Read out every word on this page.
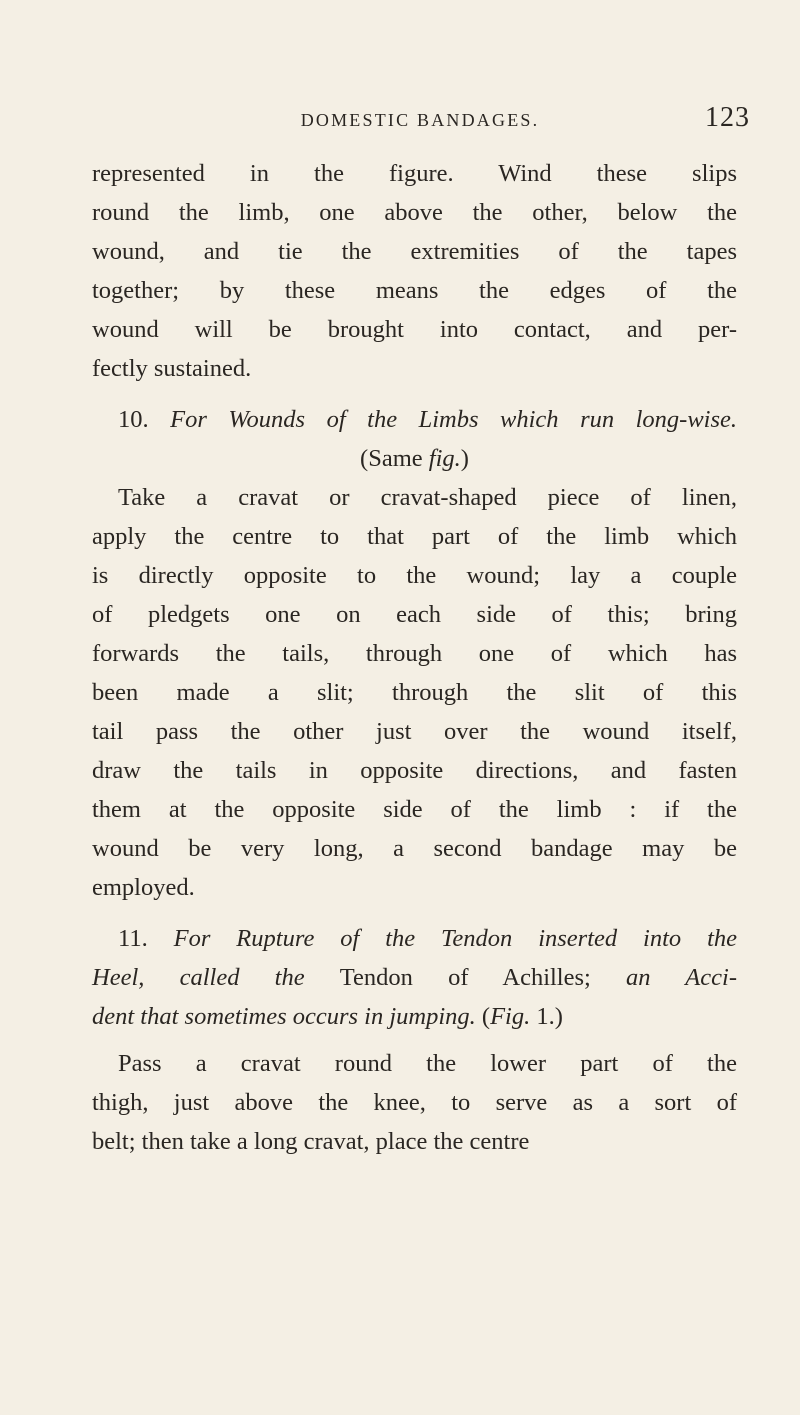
DOMESTIC BANDAGES.	123
represented in the figure. Wind these slips
round the limb, one above the other, below the
wound, and tie the extremities of the tapes
together; by these means the edges of the
wound will be brought into contact, and per-
fectly sustained.
10. For Wounds of the Limbs which run long-wise.
(Same fig.)
Take a cravat or cravat-shaped piece of linen,
apply the centre to that part of the limb which
is directly opposite to the wound; lay a couple
of pledgets one on each side of this; bring
forwards the tails, through one of which has
been made a slit; through the slit of this
tail pass the other just over the wound itself,
draw the tails in opposite directions, and fasten
them at the opposite side of the limb : if the
wound be very long, a second bandage may be
employed.
11. For Rupture of the Tendon inserted into the
Heel, called the Tendon of Achilles; an Acci-
dent that sometimes occurs in jumping. (Fig. 1.)
Pass a cravat round the lower part of the
thigh, just above the knee, to serve as a sort of
belt; then take a long cravat, place the centre
